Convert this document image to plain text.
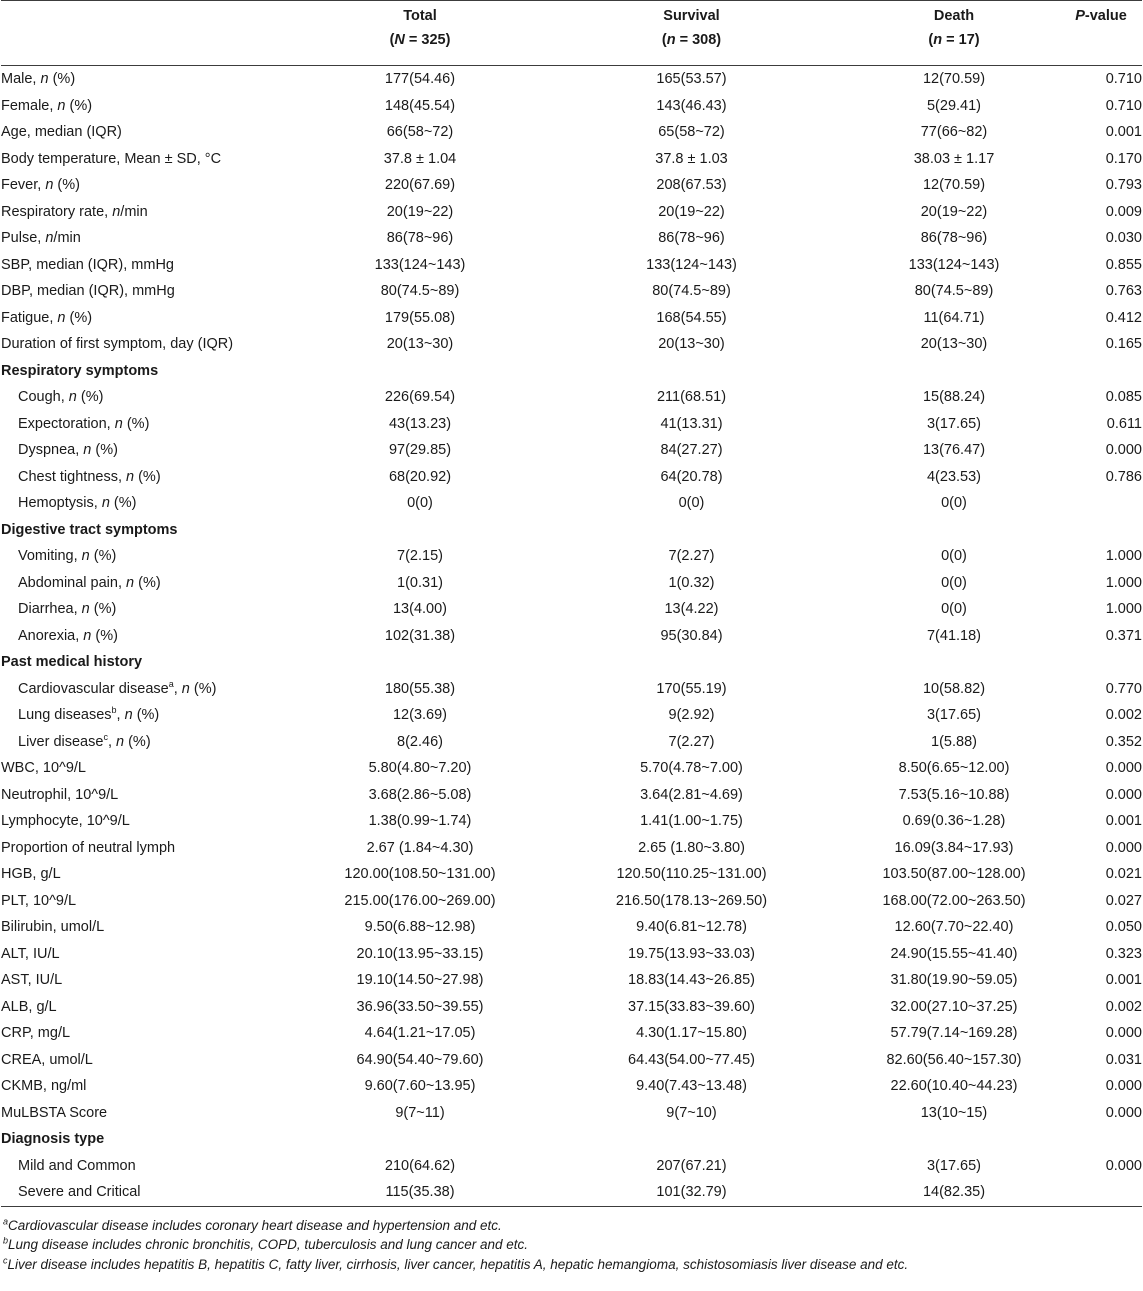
	Total	Survival	Death	P-value
	(N = 325)	(n = 308)	(n = 17)	
Male, n (%)	177(54.46)	165(53.57)	12(70.59)	0.710
Female, n (%)	148(45.54)	143(46.43)	5(29.41)	0.710
Age, median (IQR)	66(58~72)	65(58~72)	77(66~82)	0.001
Body temperature, Mean ± SD, °C	37.8 ± 1.04	37.8 ± 1.03	38.03 ± 1.17	0.170
Fever, n (%)	220(67.69)	208(67.53)	12(70.59)	0.793
Respiratory rate, n/min	20(19~22)	20(19~22)	20(19~22)	0.009
Pulse, n/min	86(78~96)	86(78~96)	86(78~96)	0.030
SBP, median (IQR), mmHg	133(124~143)	133(124~143)	133(124~143)	0.855
DBP, median (IQR), mmHg	80(74.5~89)	80(74.5~89)	80(74.5~89)	0.763
Fatigue, n (%)	179(55.08)	168(54.55)	11(64.71)	0.412
Duration of first symptom, day (IQR)	20(13~30)	20(13~30)	20(13~30)	0.165
Respiratory symptoms				
Cough, n (%)	226(69.54)	211(68.51)	15(88.24)	0.085
Expectoration, n (%)	43(13.23)	41(13.31)	3(17.65)	0.611
Dyspnea, n (%)	97(29.85)	84(27.27)	13(76.47)	0.000
Chest tightness, n (%)	68(20.92)	64(20.78)	4(23.53)	0.786
Hemoptysis, n (%)	0(0)	0(0)	0(0)	
Digestive tract symptoms				
Vomiting, n (%)	7(2.15)	7(2.27)	0(0)	1.000
Abdominal pain, n (%)	1(0.31)	1(0.32)	0(0)	1.000
Diarrhea, n (%)	13(4.00)	13(4.22)	0(0)	1.000
Anorexia, n (%)	102(31.38)	95(30.84)	7(41.18)	0.371
Past medical history				
Cardiovascular disease$^a$, n (%)	180(55.38)	170(55.19)	10(58.82)	0.770
Lung diseases$^b$, n (%)	12(3.69)	9(2.92)	3(17.65)	0.002
Liver disease$^c$, n (%)	8(2.46)	7(2.27)	1(5.88)	0.352
WBC, 10^9/L	5.80(4.80~7.20)	5.70(4.78~7.00)	8.50(6.65~12.00)	0.000
Neutrophil, 10^9/L	3.68(2.86~5.08)	3.64(2.81~4.69)	7.53(5.16~10.88)	0.000
Lymphocyte, 10^9/L	1.38(0.99~1.74)	1.41(1.00~1.75)	0.69(0.36~1.28)	0.001
Proportion of neutral lymph	2.67 (1.84~4.30)	2.65 (1.80~3.80)	16.09(3.84~17.93)	0.000
HGB, g/L	120.00(108.50~131.00)	120.50(110.25~131.00)	103.50(87.00~128.00)	0.021
PLT, 10^9/L	215.00(176.00~269.00)	216.50(178.13~269.50)	168.00(72.00~263.50)	0.027
Bilirubin, umol/L	9.50(6.88~12.98)	9.40(6.81~12.78)	12.60(7.70~22.40)	0.050
ALT, IU/L	20.10(13.95~33.15)	19.75(13.93~33.03)	24.90(15.55~41.40)	0.323
AST, IU/L	19.10(14.50~27.98)	18.83(14.43~26.85)	31.80(19.90~59.05)	0.001
ALB, g/L	36.96(33.50~39.55)	37.15(33.83~39.60)	32.00(27.10~37.25)	0.002
CRP, mg/L	4.64(1.21~17.05)	4.30(1.17~15.80)	57.79(7.14~169.28)	0.000
CREA, umol/L	64.90(54.40~79.60)	64.43(54.00~77.45)	82.60(56.40~157.30)	0.031
CKMB, ng/ml	9.60(7.60~13.95)	9.40(7.43~13.48)	22.60(10.40~44.23)	0.000
MuLBSTA Score	9(7~11)	9(7~10)	13(10~15)	0.000
Diagnosis type				
Mild and Common	210(64.62)	207(67.21)	3(17.65)	0.000
Severe and Critical	115(35.38)	101(32.79)	14(82.35)	
$^a$Cardiovascular disease includes coronary heart disease and hypertension and etc.
$^b$Lung disease includes chronic bronchitis, COPD, tuberculosis and lung cancer and etc.
$^c$Liver disease includes hepatitis B, hepatitis C, fatty liver, cirrhosis, liver cancer, hepatitis A, hepatic hemangioma, schistosomiasis liver disease and etc.
